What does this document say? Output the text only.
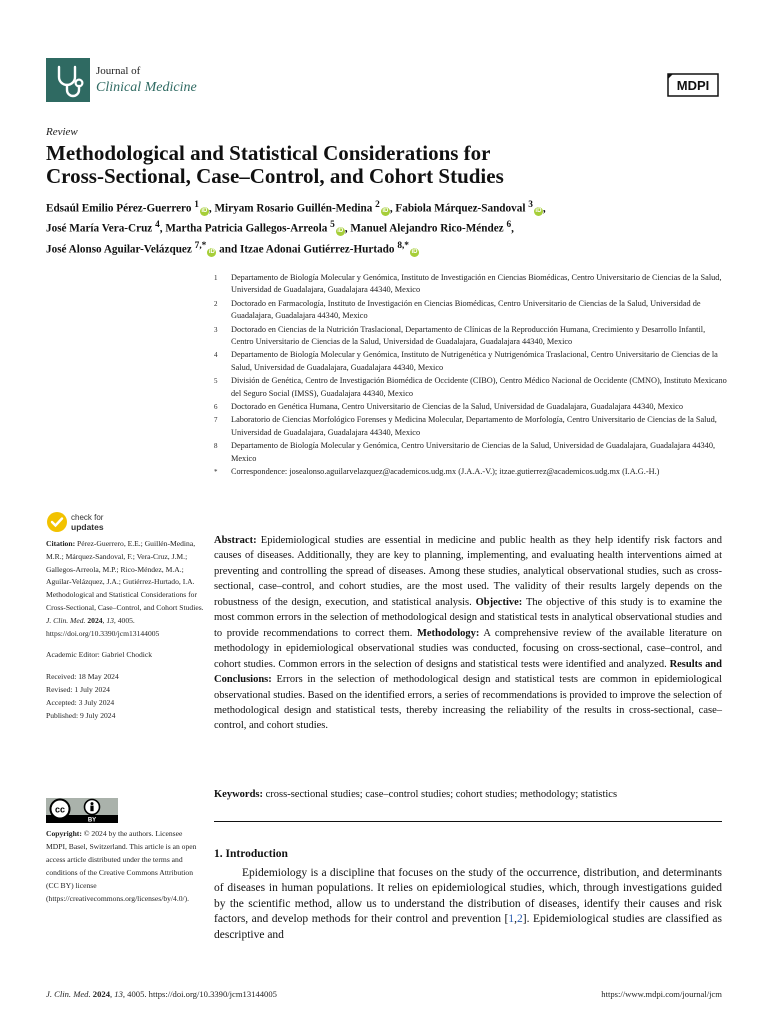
Journal of
Clinical Medicine	MDPI
Review
Methodological and Statistical Considerations for
Cross-Sectional, Case–Control, and Cohort Studies
Edsaúl Emilio Pérez-Guerrero $^1$iD , Miryam Rosario Guillén-Medina $^2$iD , Fabiola Márquez-Sandoval $^3$iD ,
José María Vera-Cruz $^4$, Martha Patricia Gallegos-Arreola $^5$iD , Manuel Alejandro Rico-Méndez $^6$,
José Alonso Aguilar-Velázquez $^{7,*}$iD and Itzae Adonai Gutiérrez-Hurtado $^{8,*}$iD
1 Departamento de Biología Molecular y Genómica, Instituto de Investigación en Ciencias Biomédicas, Centro Universitario de Ciencias de la Salud, Universidad de Guadalajara, Guadalajara 44340, Mexico
2 Doctorado en Farmacología, Instituto de Investigación en Ciencias Biomédicas, Centro Universitario de Ciencias de la Salud, Universidad de Guadalajara, Guadalajara 44340, Mexico
3 Doctorado en Ciencias de la Nutrición Traslacional, Departamento de Clínicas de la Reproducción Humana, Crecimiento y Desarrollo Infantil, Centro Universitario de Ciencias de la Salud, Universidad de Guadalajara, Guadalajara 44340, Mexico
4 Departamento de Biología Molecular y Genómica, Instituto de Nutrigenética y Nutrigenómica Traslacional, Centro Universitario de Ciencias de la Salud, Universidad de Guadalajara, Guadalajara 44340, Mexico
5 División de Genética, Centro de Investigación Biomédica de Occidente (CIBO), Centro Médico Nacional de Occidente (CMNO), Instituto Mexicano del Seguro Social (IMSS), Guadalajara 44340, Mexico
6 Doctorado en Genética Humana, Centro Universitario de Ciencias de la Salud, Universidad de Guadalajara, Guadalajara 44340, Mexico
7 Laboratorio de Ciencias Morfológico Forenses y Medicina Molecular, Departamento de Morfología, Centro Universitario de Ciencias de la Salud, Universidad de Guadalajara, Guadalajara 44340, Mexico
8 Departamento de Biología Molecular y Genómica, Centro Universitario de Ciencias de la Salud, Universidad de Guadalajara, Guadalajara 44340, Mexico
* Correspondence: josealonso.aguilarvelazquez@academicos.udg.mx (J.A.A.-V.); itzae.gutierrez@academicos.udg.mx (I.A.G.-H.)
check for
updates
Citation: Pérez-Guerrero, E.E.; Guillén-Medina, M.R.; Márquez-Sandoval, F.; Vera-Cruz, J.M.; Gallegos-Arreola, M.P.; Rico-Méndez, M.A.; Aguilar-Velázquez, J.A.; Gutiérrez-Hurtado, I.A. Methodological and Statistical Considerations for Cross-Sectional, Case–Control, and Cohort Studies. J. Clin. Med. 2024, 13, 4005. https://doi.org/10.3390/jcm13144005
Academic Editor: Gabriel Chodick
Received: 18 May 2024
Revised: 1 July 2024
Accepted: 3 July 2024
Published: 9 July 2024
cc
BY
Copyright: © 2024 by the authors. Licensee MDPI, Basel, Switzerland. This article is an open access article distributed under the terms and conditions of the Creative Commons Attribution (CC BY) license (https://creativecommons.org/licenses/by/4.0/).
Abstract: Epidemiological studies are essential in medicine and public health as they help identify risk factors and causes of diseases. Additionally, they are key to planning, implementing, and evaluating health interventions aimed at preventing and controlling the spread of diseases. Among these studies, analytical observational studies, such as cross-sectional, case–control, and cohort studies, are the most used. The validity of their results largely depends on the robustness of the design, execution, and statistical analysis. Objective: The objective of this study is to examine the most common errors in the selection of methodological design and statistical tests in analytical observational studies and to provide recommendations to correct them. Methodology: A comprehensive review of the available literature on methodology in epidemiological observational studies was conducted, focusing on cross-sectional, case–control, and cohort studies. Common errors in the selection of designs and statistical tests were identified and analyzed. Results and Conclusions: Errors in the selection of methodological design and statistical tests are common in epidemiological observational studies. Based on the identified errors, a series of recommendations is provided to improve the selection of methodological design and statistical tests, thereby increasing the reliability of the results in cross-sectional, case–control, and cohort studies.
Keywords: cross-sectional studies; case–control studies; cohort studies; methodology; statistics
1. Introduction
Epidemiology is a discipline that focuses on the study of the occurrence, distribution, and determinants of diseases in human populations. It relies on epidemiological studies, which, through investigations guided by the scientific method, allow us to understand the distribution of diseases, identify their causes and risk factors, and develop methods for their control and prevention [1,2]. Epidemiological studies are classified as descriptive and
J. Clin. Med. 2024, 13, 4005. https://doi.org/10.3390/jcm13144005	https://www.mdpi.com/journal/jcm
